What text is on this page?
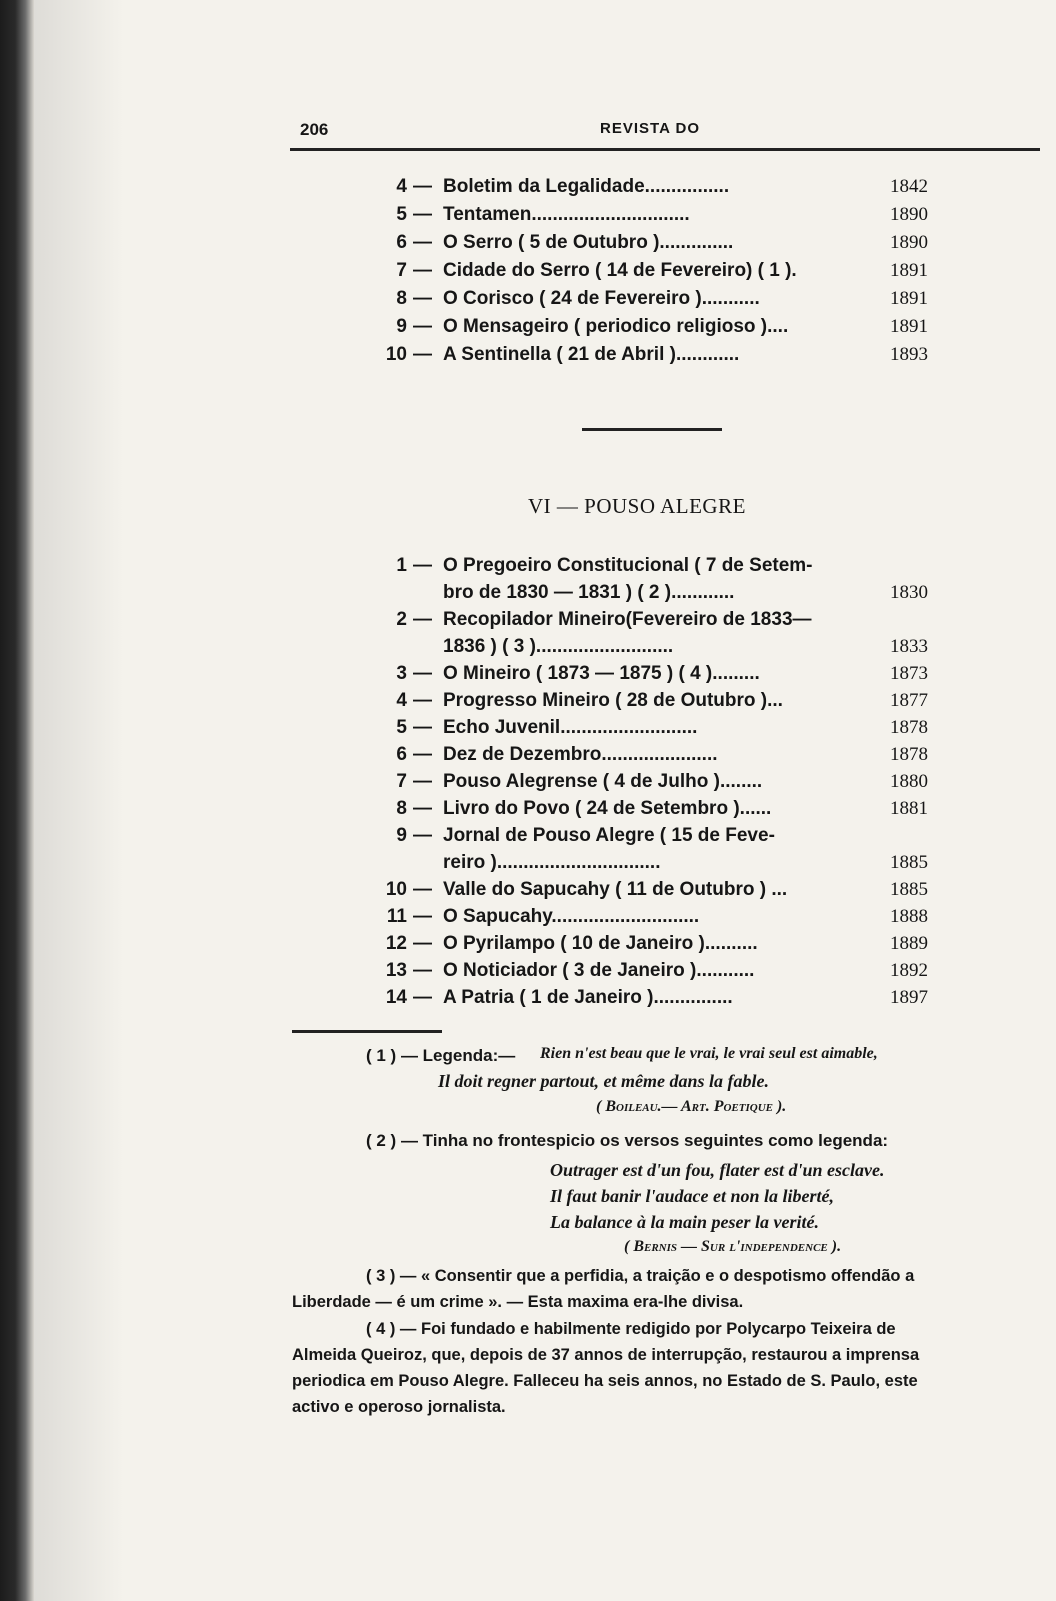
206	REVISTA DO
4 — Boletim da Legalidade................	1842
5 — Tentamen..............................	1890
6 — O Serro ( 5 de Outubro )..............	1890
7 — Cidade do Serro ( 14 de Fevereiro) ( 1 ).	1891
8 — O Corisco ( 24 de Fevereiro )...........	1891
9 — O Mensageiro ( periodico religioso )....	1891
10 — A Sentinella ( 21 de Abril )............	1893
VI — POUSO ALEGRE
1 — O Pregoeiro Constitucional ( 7 de Setem-
bro de 1830 — 1831 ) ( 2 )............	1830
2 — Recopilador Mineiro(Fevereiro de 1833—
1836 ) ( 3 )..........................	1833
3 — O Mineiro ( 1873 — 1875 ) ( 4 ).........	1873
4 — Progresso Mineiro ( 28 de Outubro )...	1877
5 — Echo Juvenil..........................	1878
6 — Dez de Dezembro......................	1878
7 — Pouso Alegrense ( 4 de Julho )........	1880
8 — Livro do Povo ( 24 de Setembro )......	1881
9 — Jornal de Pouso Alegre ( 15 de Feve-
reiro )...............................	1885
10 — Valle do Sapucahy ( 11 de Outubro ) ...	1885
11 — O Sapucahy............................	1888
12 — O Pyrilampo ( 10 de Janeiro )..........	1889
13 — O Noticiador ( 3 de Janeiro )...........	1892
14 — A Patria ( 1 de Janeiro )...............	1897
( 1 ) — Legenda:— Rien n'est beau que le vrai, le vrai seul est aimable,
Il doit regner partout, et même dans la fable.
( Boileau.— Art. Poetique ).
( 2 ) — Tinha no frontespicio os versos seguintes como legenda:
Outrager est d'un fou, flater est d'un esclave.
Il faut banir l'audace et non la liberté,
La balance à la main peser la verité.
( Bernis — Sur l'independence ).
( 3 ) — « Consentir que a perfidia, a traição e o despotismo offendão a
Liberdade — é um crime ». — Esta maxima era-lhe divisa.
( 4 ) — Foi fundado e habilmente redigido por Polycarpo Teixeira de
Almeida Queiroz, que, depois de 37 annos de interrupção, restaurou a imprensa
periodica em Pouso Alegre. Falleceu ha seis annos, no Estado de S. Paulo, este
activo e operoso jornalista.
